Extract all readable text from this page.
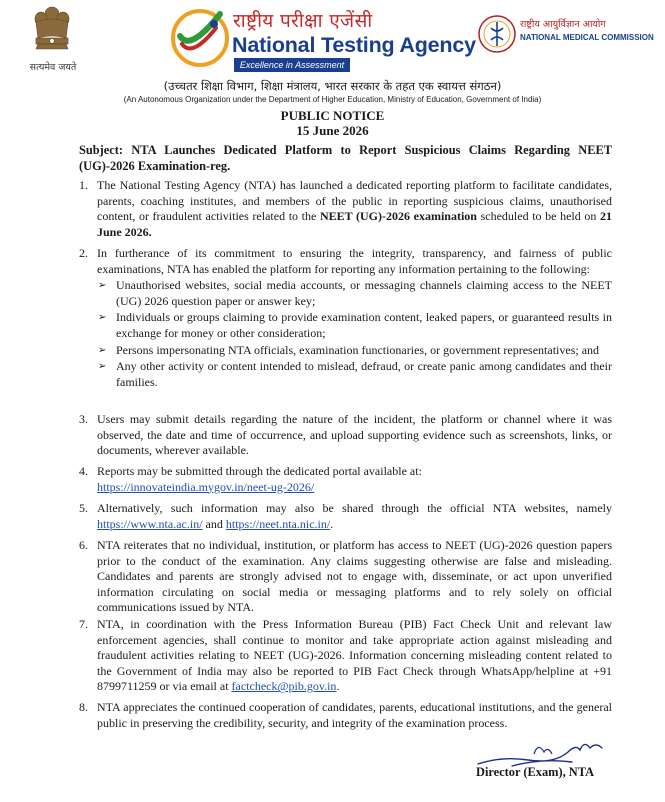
सत्यमेव जयते
राष्ट्रीय परीक्षा एजेंसी
National Testing Agency
Excellence in Assessment
राष्ट्रीय आयुर्विज्ञान आयोग
NATIONAL MEDICAL COMMISSION
(उच्चतर शिक्षा विभाग, शिक्षा मंत्रालय, भारत सरकार के तहत एक स्वायत्त संगठन)
(An Autonomous Organization under the Department of Higher Education, Ministry of Education, Government of India)
PUBLIC NOTICE
15 June 2026
Subject: NTA Launches Dedicated Platform to Report Suspicious Claims Regarding NEET (UG)-2026 Examination-reg.
1. The National Testing Agency (NTA) has launched a dedicated reporting platform to facilitate candidates, parents, coaching institutes, and members of the public in reporting suspicious claims, unauthorised content, or fraudulent activities related to the NEET (UG)-2026 examination scheduled to be held on 21 June 2026.
2. In furtherance of its commitment to ensuring the integrity, transparency, and fairness of public examinations, NTA has enabled the platform for reporting any information pertaining to the following:
➢ Unauthorised websites, social media accounts, or messaging channels claiming access to the NEET (UG) 2026 question paper or answer key;
➢ Individuals or groups claiming to provide examination content, leaked papers, or guaranteed results in exchange for money or other consideration;
➢ Persons impersonating NTA officials, examination functionaries, or government representatives; and
➢ Any other activity or content intended to mislead, defraud, or create panic among candidates and their families.
3. Users may submit details regarding the nature of the incident, the platform or channel where it was observed, the date and time of occurrence, and upload supporting evidence such as screenshots, links, or documents, wherever available.
4. Reports may be submitted through the dedicated portal available at:
https://innovateindia.mygov.in/neet-ug-2026/
5. Alternatively, such information may also be shared through the official NTA websites, namely https://www.nta.ac.in/ and https://neet.nta.nic.in/.
6. NTA reiterates that no individual, institution, or platform has access to NEET (UG)-2026 question papers prior to the conduct of the examination. Any claims suggesting otherwise are false and misleading. Candidates and parents are strongly advised not to engage with, disseminate, or act upon unverified information circulating on social media or messaging platforms and to rely solely on official communications issued by NTA.
7. NTA, in coordination with the Press Information Bureau (PIB) Fact Check Unit and relevant law enforcement agencies, shall continue to monitor and take appropriate action against misleading and fraudulent activities relating to NEET (UG)-2026. Information concerning misleading content related to the Government of India may also be reported to PIB Fact Check through WhatsApp/helpline at +91 8799711259 or via email at factcheck@pib.gov.in.
8. NTA appreciates the continued cooperation of candidates, parents, educational institutions, and the general public in preserving the credibility, security, and integrity of the examination process.
Director (Exam), NTA
